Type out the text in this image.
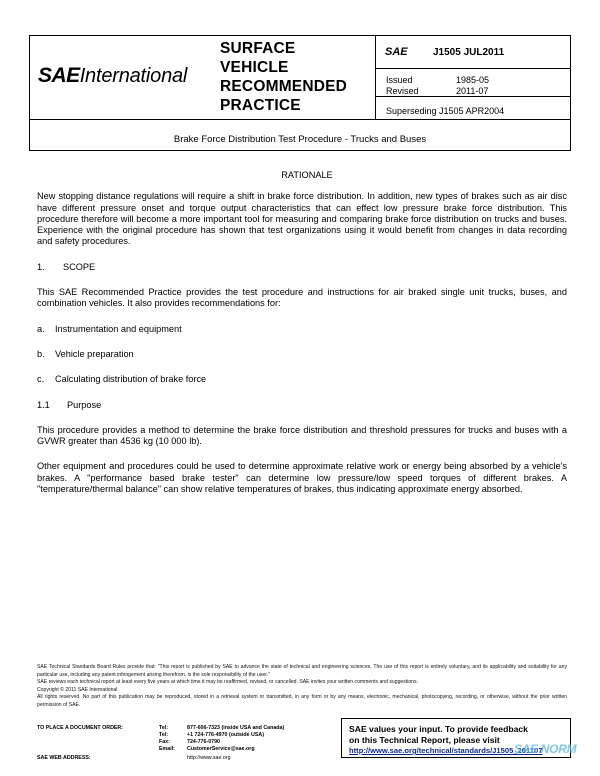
SAEInternational
SURFACE
VEHICLE
RECOMMENDED
PRACTICE
SAE	J1505 JUL2011
Issued	1985-05
Revised	2011-07
Superseding J1505 APR2004
Brake Force Distribution Test Procedure - Trucks and Buses
RATIONALE

New stopping distance regulations will require a shift in brake force distribution. In addition, new types of brakes such as air disc have different pressure onset and torque output characteristics that can effect low pressure brake force distribution. This procedure therefore will become a more important tool for measuring and comparing brake force distribution on trucks and buses. Experience with the original procedure has shown that test organizations using it would benefit from changes in data recording and safety procedures.

1.	SCOPE

This SAE Recommended Practice provides the test procedure and instructions for air braked single unit trucks, buses, and combination vehicles. It also provides recommendations for:

a.	Instrumentation and equipment
b.	Vehicle preparation
c.	Calculating distribution of brake force
1.1	Purpose

This procedure provides a method to determine the brake force distribution and threshold pressures for trucks and buses with a GVWR greater than 4536 kg (10 000 lb).

Other equipment and procedures could be used to determine approximate relative work or energy being absorbed by a vehicle's brakes. A "performance based brake tester" can determine low pressure/low speed torques of different brakes. A "temperature/thermal balance" can show relative temperatures of brakes, thus indicating approximate energy absorbed.

SAE Technical Standards Board Rules provide that: "This report is published by SAE to advance the state of technical and engineering sciences. The use of this report is entirely voluntary, and its applicability and suitability for any particular use, including any patent infringement arising therefrom, is the sole responsibility of the user."

SAE reviews each technical report at least every five years at which time it may be reaffirmed, revised, or cancelled. SAE invites your written comments and suggestions.

Copyright © 2011 SAE International

All rights reserved. No part of this publication may be reproduced, stored in a retrieval system or transmitted, in any form or by any means, electronic, mechanical, photocopying, recording, or otherwise, without the prior written permission of SAE.

TO PLACE A DOCUMENT ORDER:	Tel:	877-606-7323 (inside USA and Canada)
Tel:	+1 724-776-4970 (outside USA)
Fax:	724-776-0790
Email: CustomerService@sae.org
SAE WEB ADDRESS:	http://www.sae.org
SAE values your input. To provide feedback
on this Technical Report, please visit
http://www.sae.org/technical/standards/J1505_201107
SAE NORM
